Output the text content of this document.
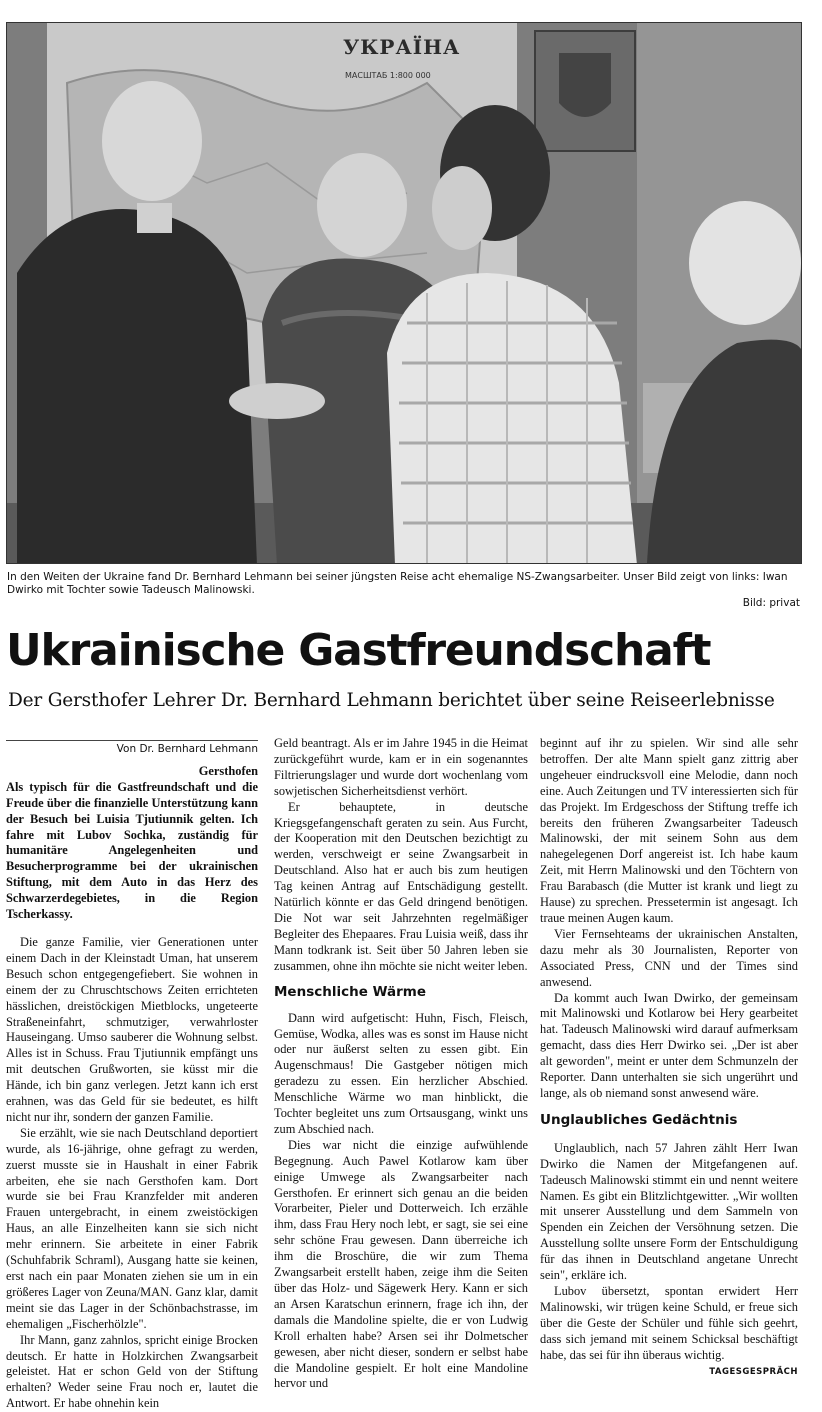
УКРАЇНА
МАСШТАБ 1:800 000
In den Weiten der Ukraine fand Dr. Bernhard Lehmann bei seiner jüngsten Reise acht ehemalige NS-Zwangsarbeiter. Unser Bild zeigt von links: Iwan Dwirko mit Tochter sowie Tadeusch Malinowski.
Bild: privat
Ukrainische Gastfreundschaft
Der Gersthofer Lehrer Dr. Bernhard Lehmann berichtet über seine Reiseerlebnisse

Von Dr. Bernhard Lehmann

Gersthofen

Als typisch für die Gastfreundschaft und die Freude über die finanzielle Unterstützung kann der Besuch bei Luisia Tjutiunnik gelten. Ich fahre mit Lubov Sochka, zuständig für humanitäre Angelegenheiten und Besucherprogramme bei der ukrainischen Stiftung, mit dem Auto in das Herz des Schwarzerdegebietes, in die Region Tscherkassy.

Die ganze Familie, vier Generationen unter einem Dach in der Kleinstadt Uman, hat unserem Besuch schon entgegengefiebert. Sie wohnen in einem der zu Chruschtschows Zeiten errichteten hässlichen, dreistöckigen Mietblocks, ungeteerte Straßeneinfahrt, schmutziger, verwahrloster Hauseingang. Umso sauberer die Wohnung selbst. Alles ist in Schuss. Frau Tjutiunnik empfängt uns mit deutschen Grußworten, sie küsst mir die Hände, ich bin ganz verlegen. Jetzt kann ich erst erahnen, was das Geld für sie bedeutet, es hilft nicht nur ihr, sondern der ganzen Familie.

Sie erzählt, wie sie nach Deutschland deportiert wurde, als 16-jährige, ohne gefragt zu werden, zuerst musste sie in Haushalt in einer Fabrik arbeiten, ehe sie nach Gersthofen kam. Dort wurde sie bei Frau Kranzfelder mit anderen Frauen untergebracht, in einem zweistöckigen Haus, an alle Einzelheiten kann sie sich nicht mehr erinnern. Sie arbeitete in einer Fabrik (Schuhfabrik Schraml), Ausgang hatte sie keinen, erst nach ein paar Monaten ziehen sie um in ein größeres Lager von Zeuna/MAN. Ganz klar, damit meint sie das Lager in der Schönbachstrasse, im ehemaligen „Fischerhölzle".

Ihr Mann, ganz zahnlos, spricht einige Brocken deutsch. Er hatte in Holzkirchen Zwangsarbeit geleistet. Hat er schon Geld von der Stiftung erhalten? Weder seine Frau noch er, lautet die Antwort. Er habe ohnehin kein

Geld beantragt. Als er im Jahre 1945 in die Heimat zurückgeführt wurde, kam er in ein sogenanntes Filtrierungslager und wurde dort wochenlang vom sowjetischen Sicherheitsdienst verhört.

Er behauptete, in deutsche Kriegsgefangenschaft geraten zu sein. Aus Furcht, der Kooperation mit den Deutschen bezichtigt zu werden, verschweigt er seine Zwangsarbeit in Deutschland. Also hat er auch bis zum heutigen Tag keinen Antrag auf Entschädigung gestellt. Natürlich könnte er das Geld dringend benötigen. Die Not war seit Jahrzehnten regelmäßiger Begleiter des Ehepaares. Frau Luisia weiß, dass ihr Mann todkrank ist. Seit über 50 Jahren leben sie zusammen, ohne ihn möchte sie nicht weiter leben.

Menschliche Wärme

Dann wird aufgetischt: Huhn, Fisch, Fleisch, Gemüse, Wodka, alles was es sonst im Hause nicht oder nur äußerst selten zu essen gibt. Ein Augenschmaus! Die Gastgeber nötigen mich geradezu zu essen. Ein herzlicher Abschied. Menschliche Wärme wo man hinblickt, die Tochter begleitet uns zum Ortsausgang, winkt uns zum Abschied nach.

Dies war nicht die einzige aufwühlende Begegnung. Auch Pawel Kotlarow kam über einige Umwege als Zwangsarbeiter nach Gersthofen. Er erinnert sich genau an die beiden Vorarbeiter, Pieler und Dotterweich. Ich erzähle ihm, dass Frau Hery noch lebt, er sagt, sie sei eine sehr schöne Frau gewesen. Dann überreiche ich ihm die Broschüre, die wir zum Thema Zwangsarbeit erstellt haben, zeige ihm die Seiten über das Holz- und Sägewerk Hery. Kann er sich an Arsen Karatschun erinnern, frage ich ihn, der damals die Mandoline spielte, die er von Ludwig Kroll erhalten habe? Arsen sei ihr Dolmetscher gewesen, aber nicht dieser, sondern er selbst habe die Mandoline gespielt. Er holt eine Mandoline hervor und

beginnt auf ihr zu spielen. Wir sind alle sehr betroffen. Der alte Mann spielt ganz zittrig aber ungeheuer eindrucksvoll eine Melodie, dann noch eine. Auch Zeitungen und TV interessierten sich für das Projekt. Im Erdgeschoss der Stiftung treffe ich bereits den früheren Zwangsarbeiter Tadeusch Malinowski, der mit seinem Sohn aus dem nahegelegenen Dorf angereist ist. Ich habe kaum Zeit, mit Herrn Malinowski und den Töchtern von Frau Barabasch (die Mutter ist krank und liegt zu Hause) zu sprechen. Pressetermin ist angesagt. Ich traue meinen Augen kaum.

Vier Fernsehteams der ukrainischen Anstalten, dazu mehr als 30 Journalisten, Reporter von Associated Press, CNN und der Times sind anwesend.

Da kommt auch Iwan Dwirko, der gemeinsam mit Malinowski und Kotlarow bei Hery gearbeitet hat. Tadeusch Malinowski wird darauf aufmerksam gemacht, dass dies Herr Dwirko sei. „Der ist aber alt geworden", meint er unter dem Schmunzeln der Reporter. Dann unterhalten sie sich ungerührt und lange, als ob niemand sonst anwesend wäre.

Unglaubliches Gedächtnis

Unglaublich, nach 57 Jahren zählt Herr Iwan Dwirko die Namen der Mitgefangenen auf. Tadeusch Malinowski stimmt ein und nennt weitere Namen. Es gibt ein Blitzlichtgewitter. „Wir wollten mit unserer Ausstellung und dem Sammeln von Spenden ein Zeichen der Versöhnung setzen. Die Ausstellung sollte unsere Form der Entschuldigung für das ihnen in Deutschland angetane Unrecht sein", erkläre ich.

Lubov übersetzt, spontan erwidert Herr Malinowski, wir trügen keine Schuld, er freue sich über die Geste der Schüler und fühle sich geehrt, dass sich jemand mit seinem Schicksal beschäftigt habe, das sei für ihn überaus wichtig.

TAGESGESPRÄCH
